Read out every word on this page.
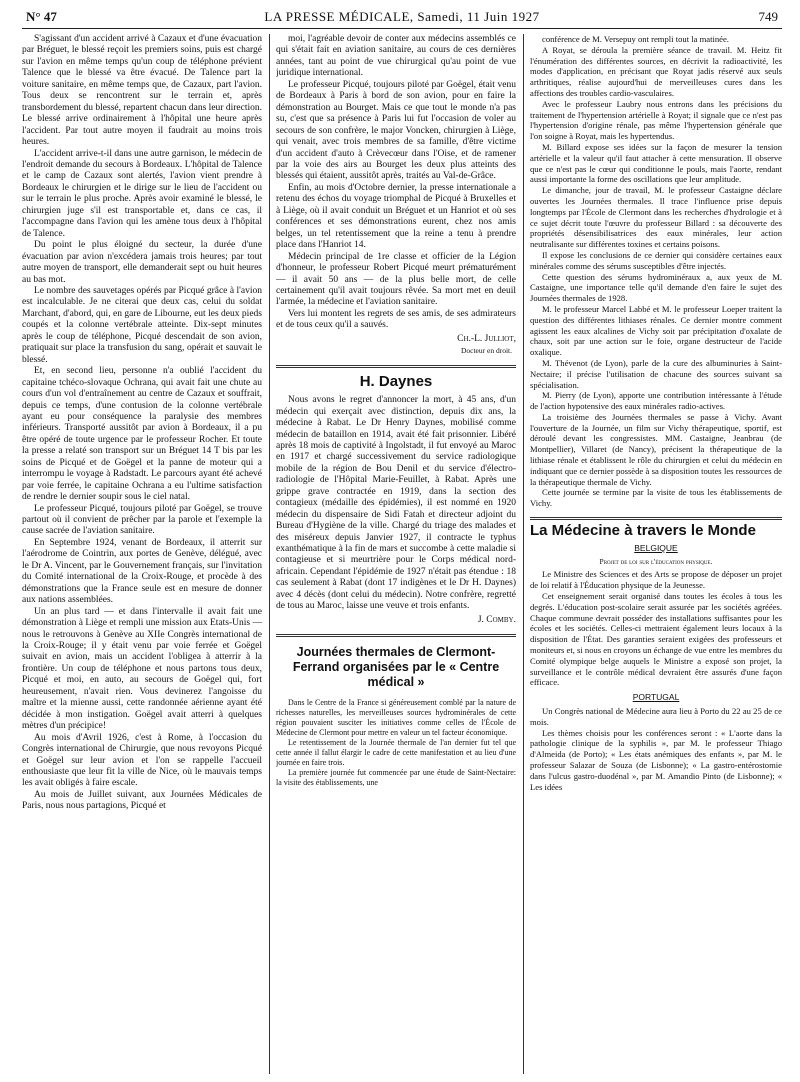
N° 47	LA PRESSE MÉDICALE, Samedi, 11 Juin 1927	749

S'agissant d'un accident arrivé à Cazaux et d'une évacuation par Bréguet, le blessé reçoit les premiers soins, puis est chargé sur l'avion en même temps qu'un coup de téléphone prévient Talence que le blessé va être évacué. De Talence part la voiture sanitaire, en même temps que, de Cazaux, part l'avion. Tous deux se rencontrent sur le terrain et, après transbordement du blessé, repartent chacun dans leur direction. Le blessé arrive ordinairement à l'hôpital une heure après l'accident. Par tout autre moyen il faudrait au moins trois heures.

L'accident arrive-t-il dans une autre garnison, le médecin de l'endroit demande du secours à Bordeaux. L'hôpital de Talence et le camp de Cazaux sont alertés, l'avion vient prendre à Bordeaux le chirurgien et le dirige sur le lieu de l'accident ou sur le terrain le plus proche. Après avoir examiné le blessé, le chirurgien juge s'il est transportable et, dans ce cas, il l'accompagne dans l'avion qui les amène tous deux à l'hôpital de Talence.

Du point le plus éloigné du secteur, la durée d'une évacuation par avion n'excédera jamais trois heures; par tout autre moyen de transport, elle demanderait sept ou huit heures au bas mot.

Le nombre des sauvetages opérés par Picqué grâce à l'avion est incalculable. Je ne citerai que deux cas, celui du soldat Marchant, d'abord, qui, en gare de Libourne, eut les deux pieds coupés et la colonne vertébrale atteinte. Dix-sept minutes après le coup de téléphone, Picqué descendait de son avion, pratiquait sur place la transfusion du sang, opérait et sauvait le blessé.

Et, en second lieu, personne n'a oublié l'accident du capitaine tchéco-slovaque Ochrana, qui avait fait une chute au cours d'un vol d'entraînement au centre de Cazaux et souffrait, depuis ce temps, d'une contusion de la colonne vertébrale ayant eu pour conséquence la paralysie des membres inférieurs. Transporté aussitôt par avion à Bordeaux, il a pu être opéré de toute urgence par le professeur Rocher. Et toute la presse a relaté son transport sur un Bréguet 14 T bis par les soins de Picqué et de Goëgel et la panne de moteur qui a interrompu le voyage à Radstadt. Le parcours ayant été achevé par voie ferrée, le capitaine Ochrana a eu l'ultime satisfaction de rendre le dernier soupir sous le ciel natal.

Le professeur Picqué, toujours piloté par Goëgel, se trouve partout où il convient de prêcher par la parole et l'exemple la cause sacrée de l'aviation sanitaire.

En Septembre 1924, venant de Bordeaux, il atterrit sur l'aérodrome de Cointrin, aux portes de Genève, délégué, avec le Dr A. Vincent, par le Gouvernement français, sur l'invitation du Comité international de la Croix-Rouge, et procède à des démonstrations que la France seule est en mesure de donner aux nations assemblées.

Un an plus tard — et dans l'intervalle il avait fait une démonstration à Liège et rempli une mission aux Etats-Unis — nous le retrouvons à Genève au XIIe Congrès international de la Croix-Rouge; il y était venu par voie ferrée et Goëgel suivait en avion, mais un accident l'obligea à atterrir à la frontière. Un coup de téléphone et nous partons tous deux, Picqué et moi, en auto, au secours de Goëgel qui, fort heureusement, n'avait rien. Vous devinerez l'angoisse du maître et la mienne aussi, cette randonnée aérienne ayant été décidée à mon instigation. Goëgel avait atterri à quelques mètres d'un précipice!

Au mois d'Avril 1926, c'est à Rome, à l'occasion du Congrès international de Chirurgie, que nous revoyons Picqué et Goëgel sur leur avion et l'on se rappelle l'accueil enthousiaste que leur fit la ville de Nice, où le mauvais temps les avait obligés à faire escale.

Au mois de Juillet suivant, aux Journées Médicales de Paris, nous nous partagions, Picqué et

moi, l'agréable devoir de conter aux médecins assemblés ce qui s'était fait en aviation sanitaire, au cours de ces dernières années, tant au point de vue chirurgical qu'au point de vue juridique international.

Le professeur Picqué, toujours piloté par Goëgel, était venu de Bordeaux à Paris à bord de son avion, pour en faire la démonstration au Bourget. Mais ce que tout le monde n'a pas su, c'est que sa présence à Paris lui fut l'occasion de voler au secours de son confrère, le major Voncken, chirurgien à Liège, qui venait, avec trois membres de sa famille, d'être victime d'un accident d'auto à Crèvecœur dans l'Oise, et de ramener par la voie des airs au Bourget les deux plus atteints des blessés qui étaient, aussitôt après, traités au Val-de-Grâce.

Enfin, au mois d'Octobre dernier, la presse internationale a retenu des échos du voyage triomphal de Picqué à Bruxelles et à Liège, où il avait conduit un Bréguet et un Hanriot et où ses conférences et ses démonstrations eurent, chez nos amis belges, un tel retentissement que la reine a tenu à prendre place dans l'Hanriot 14.

Médecin principal de 1re classe et officier de la Légion d'honneur, le professeur Robert Picqué meurt prématurément — il avait 50 ans — de la plus belle mort, de celle certainement qu'il avait toujours rêvée. Sa mort met en deuil l'armée, la médecine et l'aviation sanitaire.

Vers lui montent les regrets de ses amis, de ses admirateurs et de tous ceux qu'il a sauvés.

Ch.-L. Julliot,

Docteur en droit.

H. Daynes

Nous avons le regret d'annoncer la mort, à 45 ans, d'un médecin qui exerçait avec distinction, depuis dix ans, la médecine à Rabat. Le Dr Henry Daynes, mobilisé comme médecin de bataillon en 1914, avait été fait prisonnier. Libéré après 18 mois de captivité à Ingolstadt, il fut envoyé au Maroc en 1917 et chargé successivement du service radiologique mobile de la région de Bou Denil et du service d'électro-radiologie de l'Hôpital Marie-Feuillet, à Rabat. Après une grippe grave contractée en 1919, dans la section des contagieux (médaille des épidémies), il est nommé en 1920 médecin du dispensaire de Sidi Fatah et directeur adjoint du Bureau d'Hygiène de la ville. Chargé du triage des malades et des miséreux depuis Janvier 1927, il contracte le typhus exanthématique à la fin de mars et succombe à cette maladie si contagieuse et si meurtrière pour le Corps médical nord-africain. Cependant l'épidémie de 1927 n'était pas étendue : 18 cas seulement à Rabat (dont 17 indigènes et le Dr H. Daynes) avec 4 décès (dont celui du médecin). Notre confrère, regretté de tous au Maroc, laisse une veuve et trois enfants.

J. Comby.

Journées thermales de Clermont-Ferrand organisées par le « Centre médical »

Dans le Centre de la France si généreusement comblé par la nature de richesses naturelles, les merveilleuses sources hydrominérales de cette région pouvaient susciter les initiatives comme celles de l'École de Médecine de Clermont pour mettre en valeur un tel facteur économique.

Le retentissement de la Journée thermale de l'an dernier fut tel que cette année il fallut élargir le cadre de cette manifestation et au lieu d'une journée en faire trois.

La première journée fut commencée par une étude de Saint-Nectaire: la visite des établissements, une

conférence de M. Versepuy ont rempli tout la matinée.

A Royat, se déroula la première séance de travail. M. Heitz fit l'énumération des différentes sources, en décrivit la radioactivité, les modes d'application, en précisant que Royat jadis réservé aux seuls arthritiques, réalise aujourd'hui de merveilleuses cures dans les affections des troubles cardio-vasculaires.

Avec le professeur Laubry nous entrons dans les précisions du traitement de l'hypertension artérielle à Royat; il signale que ce n'est pas l'hypertension d'origine rénale, pas même l'hypertension générale que l'on soigne à Royat, mais les hypertendus.

M. Billard expose ses idées sur la façon de mesurer la tension artérielle et la valeur qu'il faut attacher à cette mensuration. Il observe que ce n'est pas le cœur qui conditionne le pouls, mais l'aorte, rendant aussi importante la forme des oscillations que leur amplitude.

Le dimanche, jour de travail, M. le professeur Castaigne déclare ouvertes les Journées thermales. Il trace l'influence prise depuis longtemps par l'École de Clermont dans les recherches d'hydrologie et à ce sujet décrit toute l'œuvre du professeur Billard : sa découverte des propriétés désensibilisatrices des eaux minérales, leur action neutralisante sur différentes toxines et certains poisons.

Il expose les conclusions de ce dernier qui considère certaines eaux minérales comme des sérums susceptibles d'être injectés.

Cette question des sérums hydrominéraux a, aux yeux de M. Castaigne, une importance telle qu'il demande d'en faire le sujet des Journées thermales de 1928.

M. le professeur Marcel Labbé et M. le professeur Loeper traitent la question des différentes lithiases rénales. Ce dernier montre comment agissent les eaux alcalines de Vichy soit par précipitation d'oxalate de chaux, soit par une action sur le foie, organe destructeur de l'acide oxalique.

M. Thévenot (de Lyon), parle de la cure des albuminuries à Saint-Nectaire; il précise l'utilisation de chacune des sources suivant sa spécialisation.

M. Pierry (de Lyon), apporte une contribution intéressante à l'étude de l'action hypotensive des eaux minérales radio-actives.

La troisième des Journées thermales se passe à Vichy. Avant l'ouverture de la Journée, un film sur Vichy thérapeutique, sportif, est déroulé devant les congressistes. MM. Castaigne, Jeanbrau (de Montpellier), Villaret (de Nancy), précisent la thérapeutique de la lithiase rénale et établissent le rôle du chirurgien et celui du médecin en indiquant que ce dernier possède à sa disposition toutes les ressources de la thérapeutique thermale de Vichy.

Cette journée se termine par la visite de tous les établissements de Vichy.

La Médecine à travers le Monde
BELGIQUE
Projet de loi sur l'éducation physique.

Le Ministre des Sciences et des Arts se propose de déposer un projet de loi relatif à l'Éducation physique de la Jeunesse.

Cet enseignement serait organisé dans toutes les écoles à tous les degrés. L'éducation post-scolaire serait assurée par les sociétés agréées. Chaque commune devrait posséder des installations suffisantes pour les écoles et les sociétés. Celles-ci mettraient également leurs locaux à la disposition de l'État. Des garanties seraient exigées des professeurs et moniteurs et, si nous en croyons un échange de vue entre les membres du Comité olympique belge auquels le Ministre a exposé son projet, la surveillance et le contrôle médical devraient être assurés d'une façon efficace.

PORTUGAL

Un Congrès national de Médecine aura lieu à Porto du 22 au 25 de ce mois.

Les thèmes choisis pour les conférences seront : « L'aorte dans la pathologie clinique de la syphilis », par M. le professeur Thiago d'Almeida (de Porto); « Les états anémiques des enfants », par M. le professeur Salazar de Souza (de Lisbonne); « La gastro-entérostomie dans l'ulcus gastro-duodénal », par M. Amandio Pinto (de Lisbonne); « Les idées
